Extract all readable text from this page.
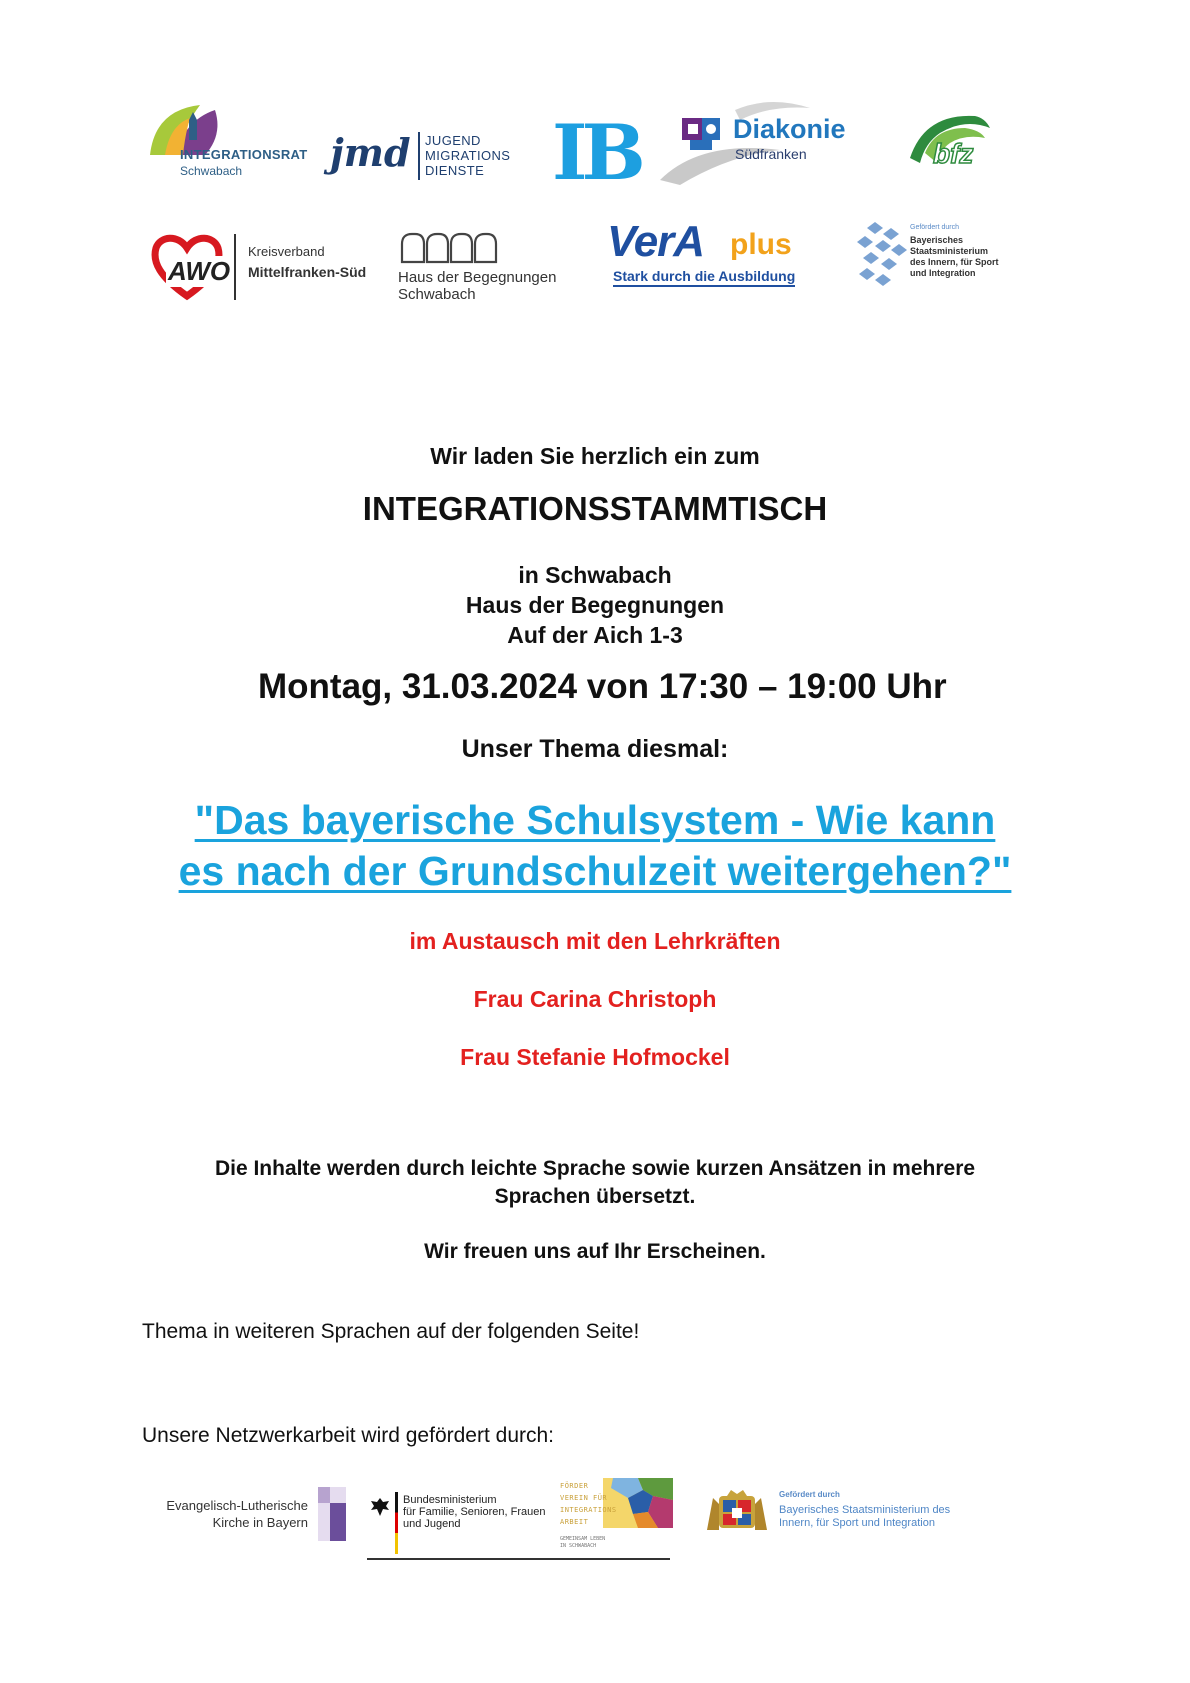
INTEGRATIONSRAT
Schwabach jmd JUGEND
MIGRATIONS
DIENSTE IB	Diakonie
Südfranken	bfz
AWO
Kreisverband
Mittelfranken-Süd Haus der Begegnungen
Schwabach
VerA plus
Stark durch die Ausbildung
Gefördert durch
Bayerisches
Staatsministerium
des Innern, für Sport
und Integration
Wir laden Sie herzlich ein zum
INTEGRATIONSSTAMMTISCH
in Schwabach
Haus der Begegnungen
Auf der Aich 1-3
Montag, 31.03.2024 von 17:30 – 19:00 Uhr
Unser Thema diesmal:
"Das bayerische Schulsystem - Wie kann
es nach der Grundschulzeit weitergehen?"
im Austausch mit den Lehrkräften
Frau Carina Christoph
Frau Stefanie Hofmockel
Die Inhalte werden durch leichte Sprache sowie kurzen Ansätzen in mehrere
Sprachen übersetzt.
Wir freuen uns auf Ihr Erscheinen.
Thema in weiteren Sprachen auf der folgenden Seite!
Unsere Netzwerkarbeit wird gefördert durch:
Evangelisch-Lutherische
Kirche in Bayern
Bundesministerium
für Familie, Senioren, Frauen
und Jugend
FÖRDER
VEREIN FÜR
INTEGRATIONS
ARBEIT
GEMEINSAM LEBEN
IN SCHWABACH
Gefördert durch
Bayerisches Staatsministerium des
Innern, für Sport und Integration
